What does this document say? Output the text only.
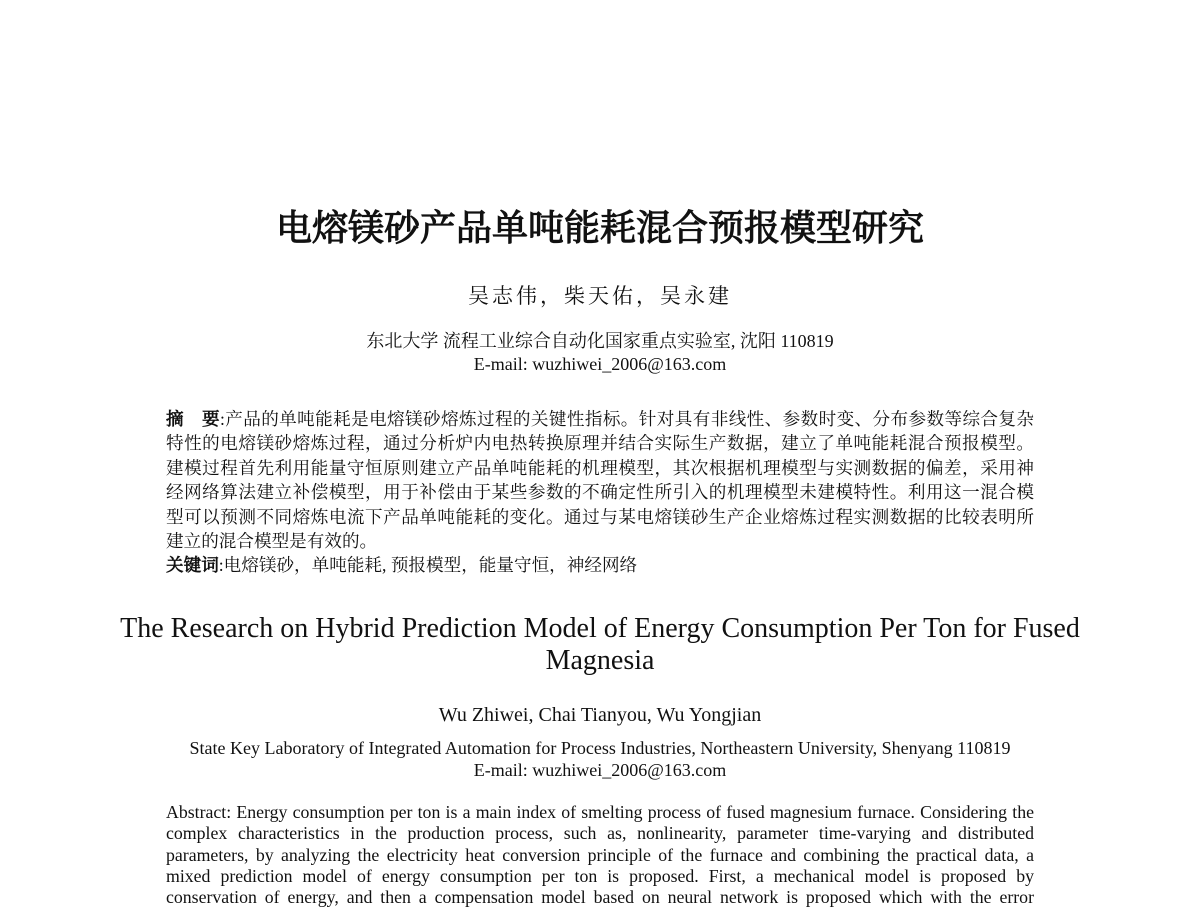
电熔镁砂产品单吨能耗混合预报模型研究
吴志伟，柴天佑，吴永建
东北大学 流程工业综合自动化国家重点实验室, 沈阳 110819
E-mail: wuzhiwei_2006@163.com
摘　要:产品的单吨能耗是电熔镁砂熔炼过程的关键性指标。针对具有非线性、参数时变、分布参数等综合复杂
特性的电熔镁砂熔炼过程，通过分析炉内电热转换原理并结合实际生产数据，建立了单吨能耗混合预报模型。
建模过程首先利用能量守恒原则建立产品单吨能耗的机理模型，其次根据机理模型与实测数据的偏差，采用神
经网络算法建立补偿模型，用于补偿由于某些参数的不确定性所引入的机理模型未建模特性。利用这一混合模
型可以预测不同熔炼电流下产品单吨能耗的变化。通过与某电熔镁砂生产企业熔炼过程实测数据的比较表明所
建立的混合模型是有效的。
关键词:电熔镁砂，单吨能耗, 预报模型，能量守恒，神经网络
The Research on Hybrid Prediction Model of Energy Consumption Per Ton for Fused Magnesia
Wu Zhiwei, Chai Tianyou, Wu Yongjian
State Key Laboratory of Integrated Automation for Process Industries, Northeastern University, Shenyang 110819
E-mail: wuzhiwei_2006@163.com
Abstract: Energy consumption per ton is a main index of smelting process of fused magnesium furnace. Considering the
complex characteristics in the production process, such as, nonlinearity, parameter time-varying and distributed
parameters, by analyzing the electricity heat conversion principle of the furnace and combining the practical data, a
mixed prediction model of energy consumption per ton is proposed. First, a mechanical model is proposed by
conservation of energy, and then a compensation model based on neural network is proposed which with the error
